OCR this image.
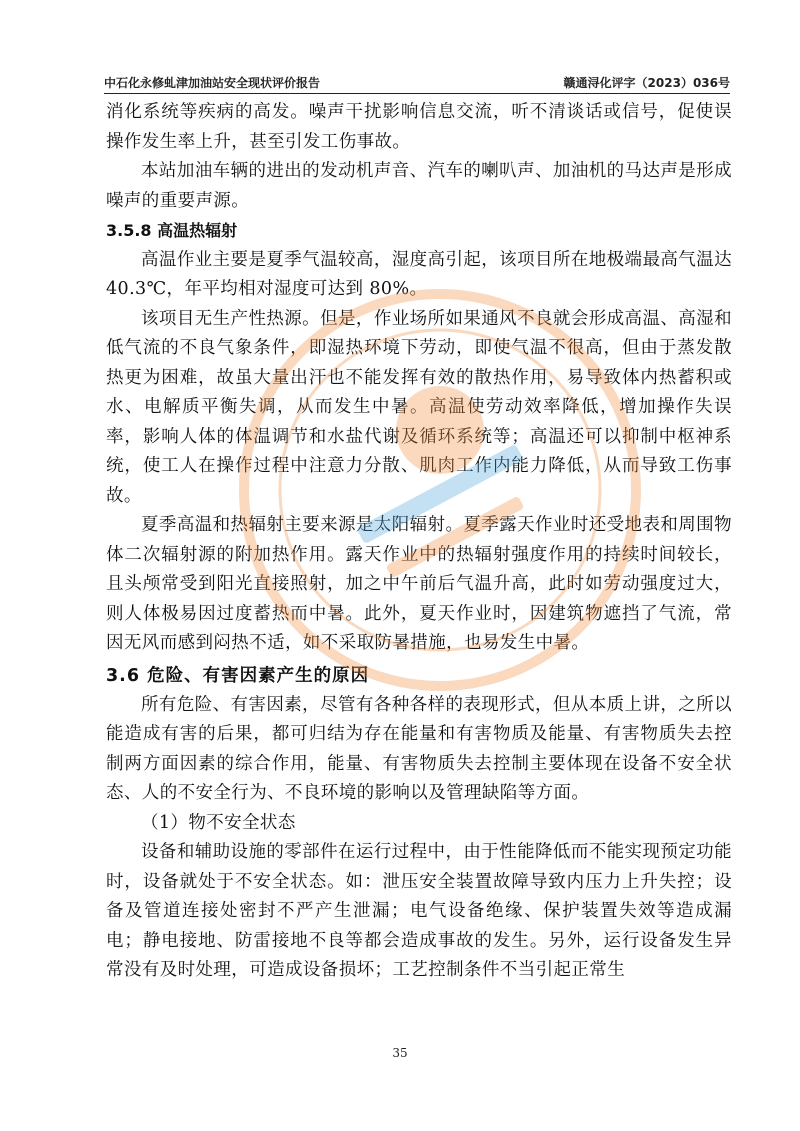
中石化永修虬津加油站安全现状评价报告	赣通浔化评字（2023）036号

消化系统等疾病的高发。噪声干扰影响信息交流，听不清谈话或信号，促使误操作发生率上升，甚至引发工伤事故。

本站加油车辆的进出的发动机声音、汽车的喇叭声、加油机的马达声是形成噪声的重要声源。

3.5.8 高温热辐射

高温作业主要是夏季气温较高，湿度高引起，该项目所在地极端最高气温达 40.3℃，年平均相对湿度可达到 80%。

该项目无生产性热源。但是，作业场所如果通风不良就会形成高温、高湿和低气流的不良气象条件，即湿热环境下劳动，即使气温不很高，但由于蒸发散热更为困难，故虽大量出汗也不能发挥有效的散热作用，易导致体内热蓄积或水、电解质平衡失调，从而发生中暑。高温使劳动效率降低，增加操作失误率，影响人体的体温调节和水盐代谢及循环系统等；高温还可以抑制中枢神系统，使工人在操作过程中注意力分散、肌肉工作内能力降低，从而导致工伤事故。

夏季高温和热辐射主要来源是太阳辐射。夏季露天作业时还受地表和周围物体二次辐射源的附加热作用。露天作业中的热辐射强度作用的持续时间较长，且头颅常受到阳光直接照射，加之中午前后气温升高，此时如劳动强度过大，则人体极易因过度蓄热而中暑。此外，夏天作业时，因建筑物遮挡了气流，常因无风而感到闷热不适，如不采取防暑措施，也易发生中暑。

3.6 危险、有害因素产生的原因

所有危险、有害因素，尽管有各种各样的表现形式，但从本质上讲，之所以能造成有害的后果，都可归结为存在能量和有害物质及能量、有害物质失去控制两方面因素的综合作用，能量、有害物质失去控制主要体现在设备不安全状态、人的不安全行为、不良环境的影响以及管理缺陷等方面。

（1）物不安全状态

设备和辅助设施的零部件在运行过程中，由于性能降低而不能实现预定功能时，设备就处于不安全状态。如：泄压安全装置故障导致内压力上升失控；设备及管道连接处密封不严产生泄漏；电气设备绝缘、保护装置失效等造成漏电；静电接地、防雷接地不良等都会造成事故的发生。另外，运行设备发生异常没有及时处理，可造成设备损坏；工艺控制条件不当引起正常生

35
